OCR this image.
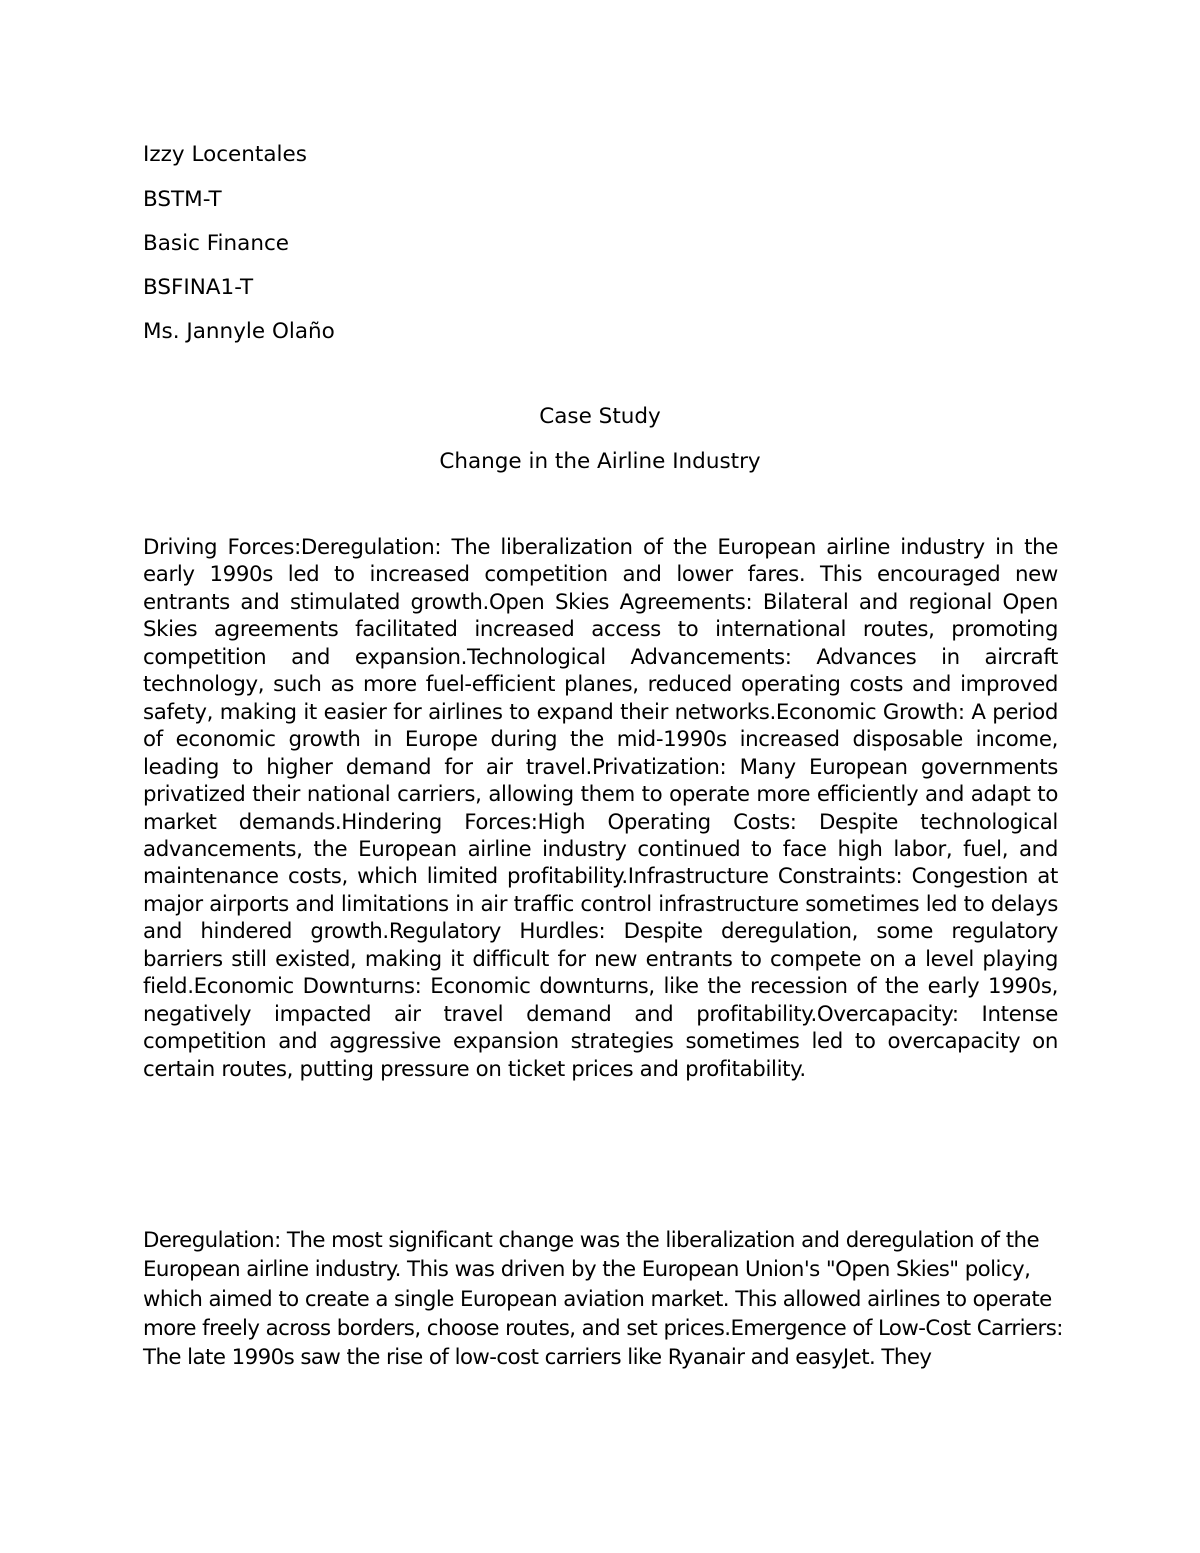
Izzy Locentales
BSTM-T
Basic Finance
BSFINA1-T
Ms. Jannyle Olaño
Case Study
Change in the Airline Industry
Driving Forces:Deregulation: The liberalization of the European airline industry in the early 1990s led to increased competition and lower fares. This encouraged new entrants and stimulated growth.Open Skies Agreements: Bilateral and regional Open Skies agreements facilitated increased access to international routes, promoting competition and expansion.Technological Advancements: Advances in aircraft technology, such as more fuel-efficient planes, reduced operating costs and improved safety, making it easier for airlines to expand their networks.Economic Growth: A period of economic growth in Europe during the mid-1990s increased disposable income, leading to higher demand for air travel.Privatization: Many European governments privatized their national carriers, allowing them to operate more efficiently and adapt to market demands.Hindering Forces:High Operating Costs: Despite technological advancements, the European airline industry continued to face high labor, fuel, and maintenance costs, which limited profitability.Infrastructure Constraints: Congestion at major airports and limitations in air traffic control infrastructure sometimes led to delays and hindered growth.Regulatory Hurdles: Despite deregulation, some regulatory barriers still existed, making it difficult for new entrants to compete on a level playing field.Economic Downturns: Economic downturns, like the recession of the early 1990s, negatively impacted air travel demand and profitability.Overcapacity: Intense competition and aggressive expansion strategies sometimes led to overcapacity on certain routes, putting pressure on ticket prices and profitability.
Deregulation: The most significant change was the liberalization and deregulation of the European airline industry. This was driven by the European Union's "Open Skies" policy, which aimed to create a single European aviation market. This allowed airlines to operate more freely across borders, choose routes, and set prices.Emergence of Low-Cost Carriers: The late 1990s saw the rise of low-cost carriers like Ryanair and easyJet. They
